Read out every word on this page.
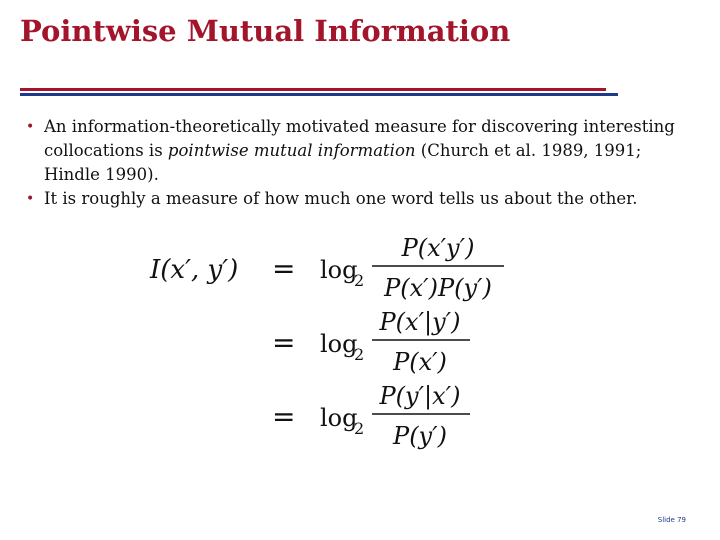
Pointwise Mutual Information
• An information-theoretically motivated measure for discovering interesting collocations is pointwise mutual information (Church et al. 1989, 1991; Hindle 1990).
• It is roughly a measure of how much one word tells us about the other.
I(x′, y′) = log
2
P(x′y′)
P(x′)P(y′)
= log
2
P(x′|y′)
P(x′)
= log
2
P(y′|x′)
P(y′)
Slide 79
